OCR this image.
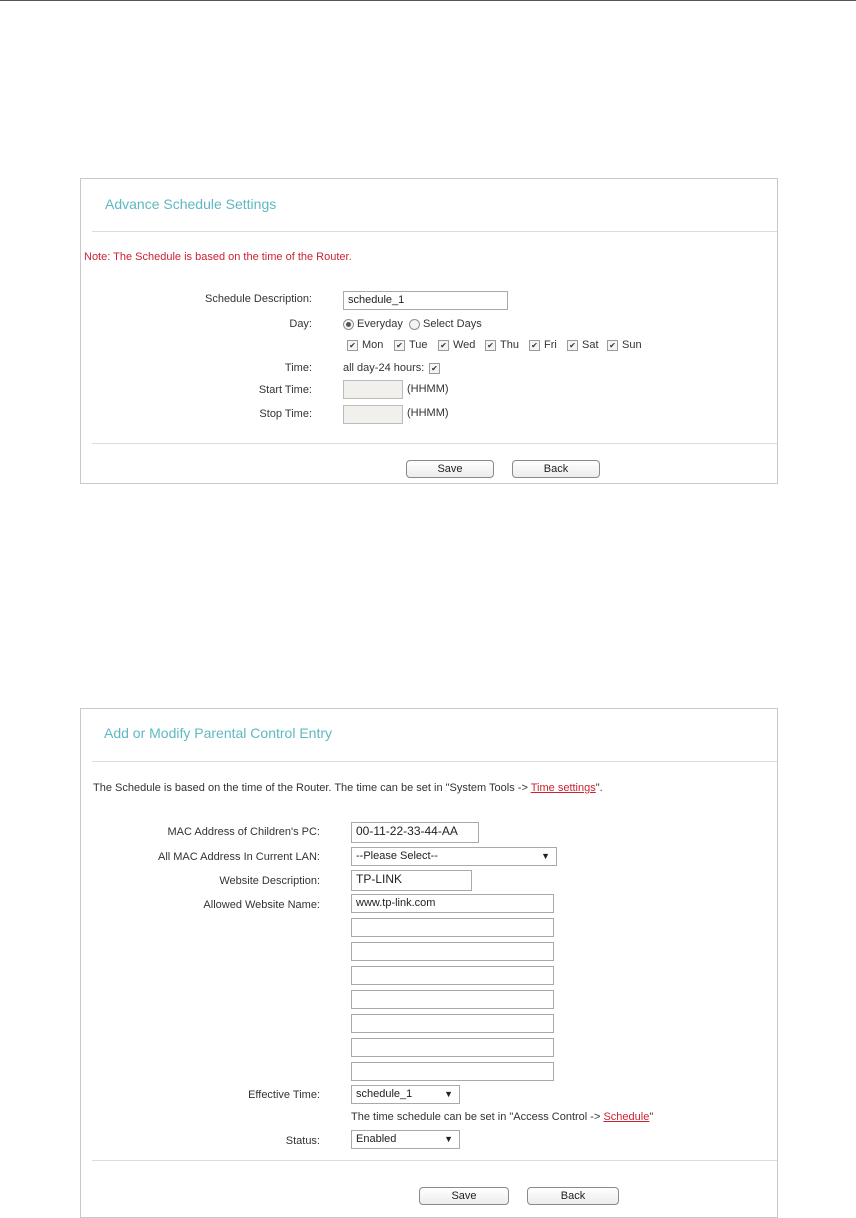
Advance Schedule Settings
Note: The Schedule is based on the time of the Router.
Schedule Description:	schedule_1
Day:	Everyday Select Days
✔ Mon ✔ Tue ✔ Wed ✔ Thu ✔ Fri ✔ Sat ✔ Sun
Time:	all day-24 hours: ✔
Start Time:	(HHMM)
Stop Time:	(HHMM)
Save	Back
Add or Modify Parental Control Entry
The Schedule is based on the time of the Router. The time can be set in "System Tools -> Time settings".
MAC Address of Children's PC:	00-11-22-33-44-AA
All MAC Address In Current LAN:	--Please Select--	▼
Website Description:	TP-LINK
Allowed Website Name:	www.tp-link.com
Effective Time:	schedule_1	▼
The time schedule can be set in "Access Control -> Schedule"
Status:	Enabled	▼
Save	Back
